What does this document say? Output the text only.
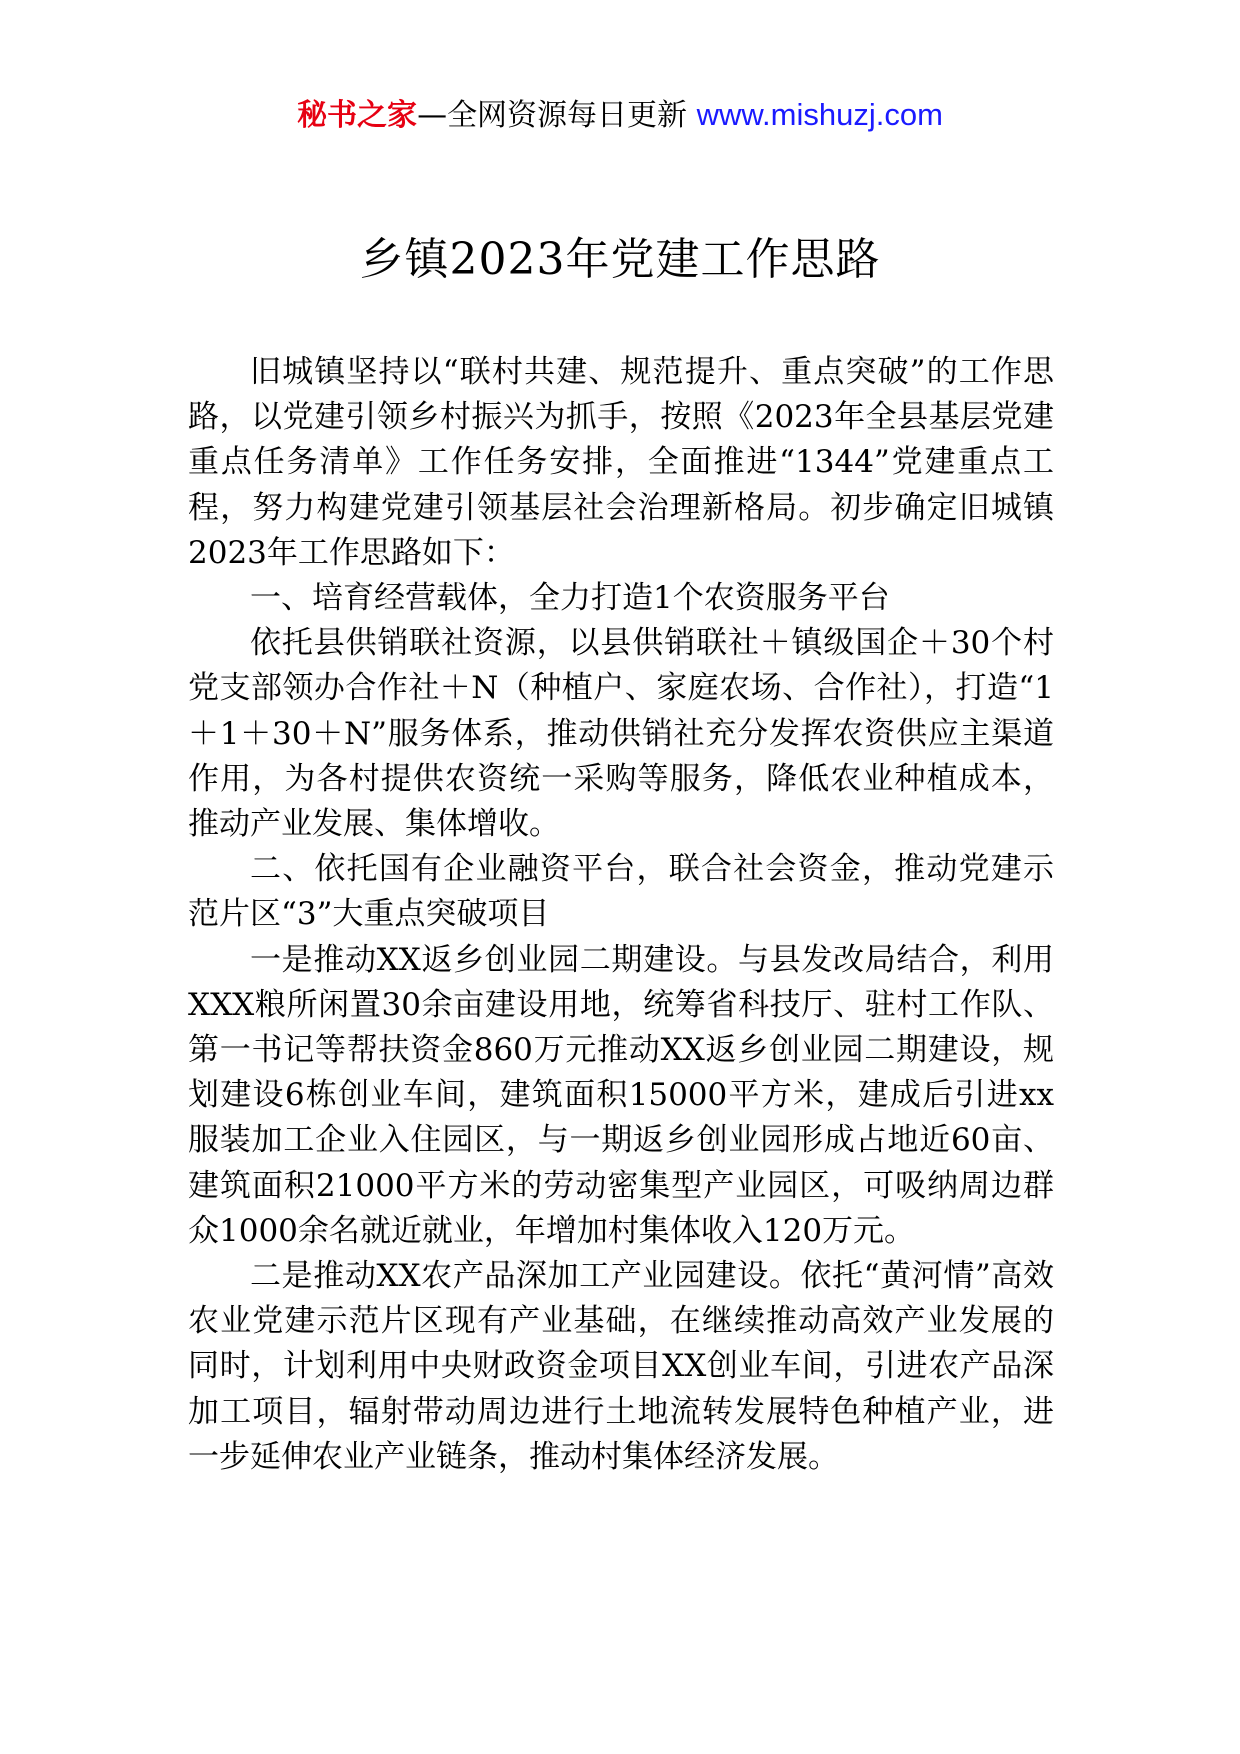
秘书之家—全网资源每日更新 www.mishuzj.com
乡镇2023年党建工作思路

旧城镇坚持以“联村共建、规范提升、重点突破”的工作思路，以党建引领乡村振兴为抓手，按照《2023年全县基层党建重点任务清单》工作任务安排，全面推进“1344”党建重点工程，努力构建党建引领基层社会治理新格局。初步确定旧城镇2023年工作思路如下：

一、培育经营载体，全力打造1个农资服务平台

依托县供销联社资源，以县供销联社＋镇级国企＋30个村党支部领办合作社＋N（种植户、家庭农场、合作社），打造“1＋1＋30＋N”服务体系，推动供销社充分发挥农资供应主渠道作用，为各村提供农资统一采购等服务，降低农业种植成本，推动产业发展、集体增收。

二、依托国有企业融资平台，联合社会资金，推动党建示范片区“3”大重点突破项目

一是推动XX返乡创业园二期建设。与县发改局结合，利用XXX粮所闲置30余亩建设用地，统筹省科技厅、驻村工作队、第一书记等帮扶资金860万元推动XX返乡创业园二期建设，规划建设6栋创业车间，建筑面积15000平方米，建成后引进xx服装加工企业入住园区，与一期返乡创业园形成占地近60亩、建筑面积21000平方米的劳动密集型产业园区，可吸纳周边群众1000余名就近就业，年增加村集体收入120万元。

二是推动XX农产品深加工产业园建设。依托“黄河情”高效农业党建示范片区现有产业基础，在继续推动高效产业发展的同时，计划利用中央财政资金项目XX创业车间，引进农产品深加工项目，辐射带动周边进行土地流转发展特色种植产业，进一步延伸农业产业链条，推动村集体经济发展。
